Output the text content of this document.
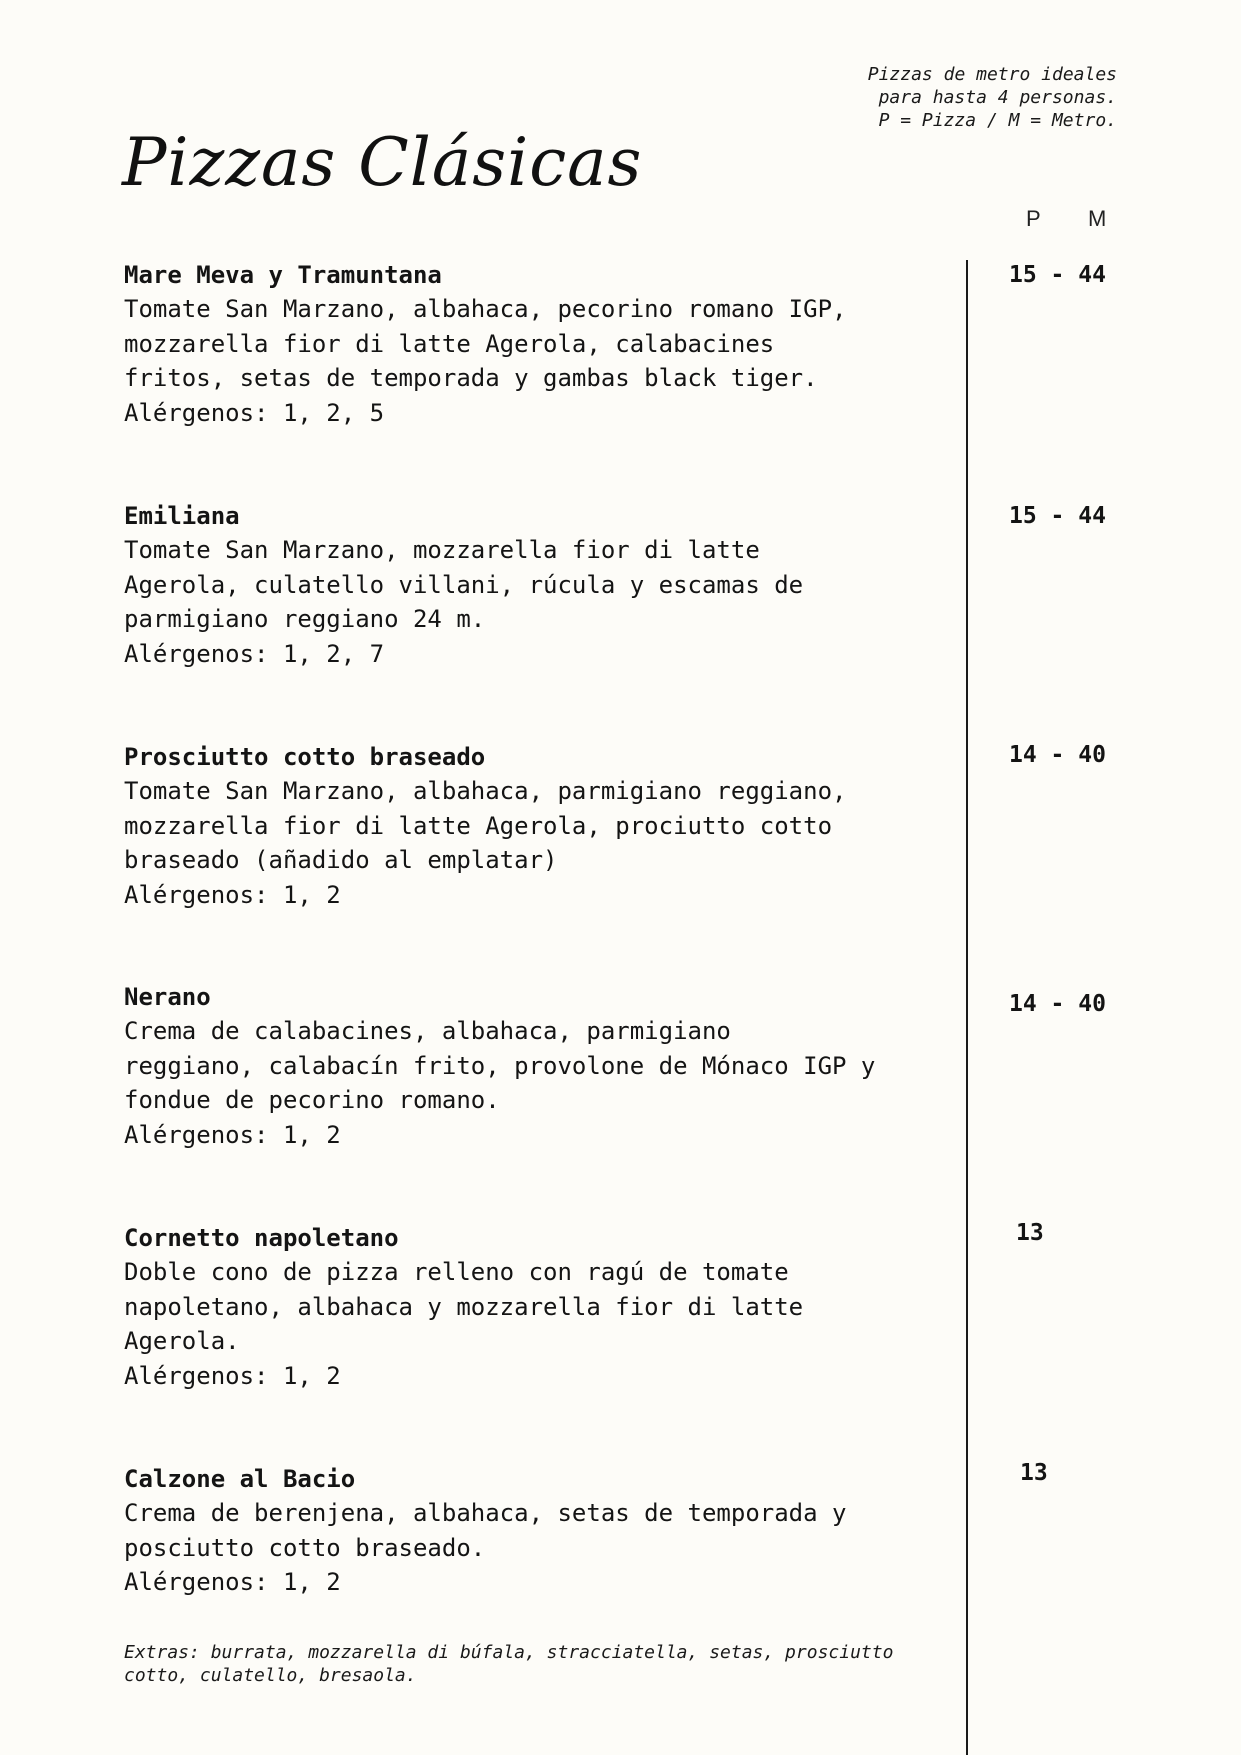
Pizzas de metro ideales
para hasta 4 personas.
P = Pizza / M = Metro.
Pizzas Clásicas
P M
Mare Meva y Tramuntana
Tomate San Marzano, albahaca, pecorino romano IGP,
mozzarella fior di latte Agerola, calabacines
fritos, setas de temporada y gambas black tiger.
Alérgenos: 1, 2, 5
15 - 44
Emiliana
Tomate San Marzano, mozzarella fior di latte
Agerola, culatello villani, rúcula y escamas de
parmigiano reggiano 24 m.
Alérgenos: 1, 2, 7
15 - 44
Prosciutto cotto braseado
Tomate San Marzano, albahaca, parmigiano reggiano,
mozzarella fior di latte Agerola, prociutto cotto
braseado (añadido al emplatar)
Alérgenos: 1, 2
14 - 40
Nerano
Crema de calabacines, albahaca, parmigiano
reggiano, calabacín frito, provolone de Mónaco IGP y
fondue de pecorino romano.
Alérgenos: 1, 2
14 - 40
Cornetto napoletano
Doble cono de pizza relleno con ragú de tomate
napoletano, albahaca y mozzarella fior di latte
Agerola.
Alérgenos: 1, 2
13
Calzone al Bacio
Crema de berenjena, albahaca, setas de temporada y
posciutto cotto braseado.
Alérgenos: 1, 2
13
Extras: burrata, mozzarella di búfala, stracciatella, setas, prosciutto
cotto, culatello, bresaola.
